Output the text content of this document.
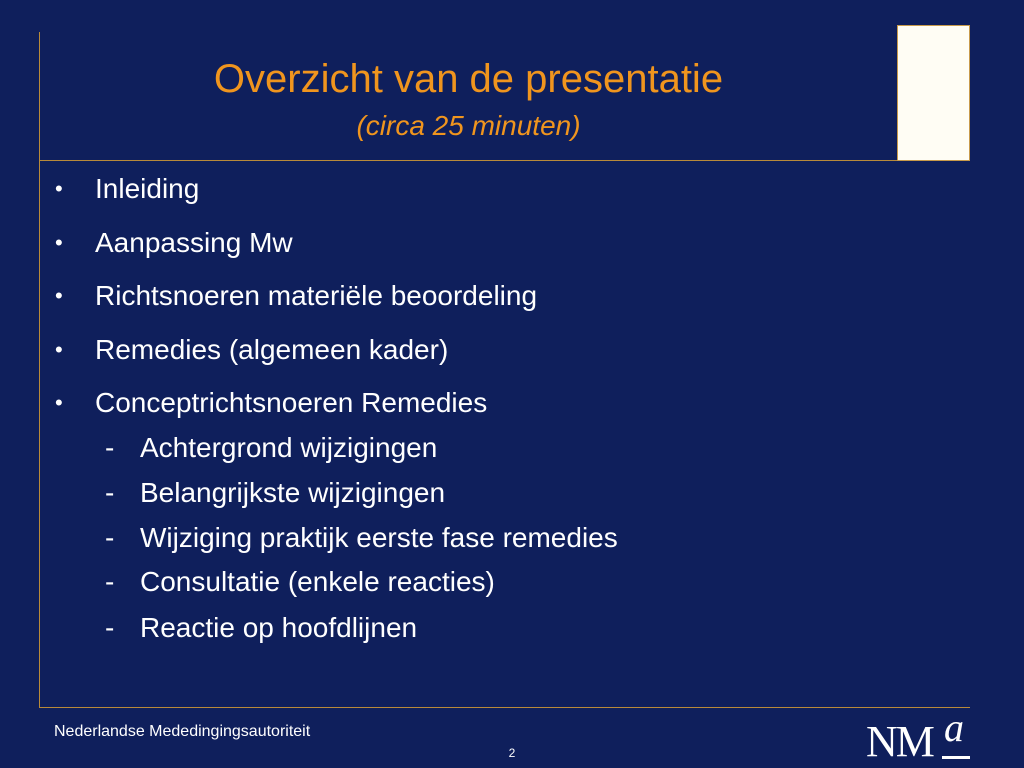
Overzicht van de presentatie
(circa 25 minuten)
•	Inleiding
•	Aanpassing Mw
•	Richtsnoeren materiële beoordeling
•	Remedies (algemeen kader)
•	Conceptrichtsnoeren Remedies
- Achtergrond wijzigingen
- Belangrijkste wijzigingen
- Wijziging praktijk eerste fase remedies
- Consultatie (enkele reacties)
- Reactie op hoofdlijnen
Nederlandse Mededingingsautoriteit
2	NM a
